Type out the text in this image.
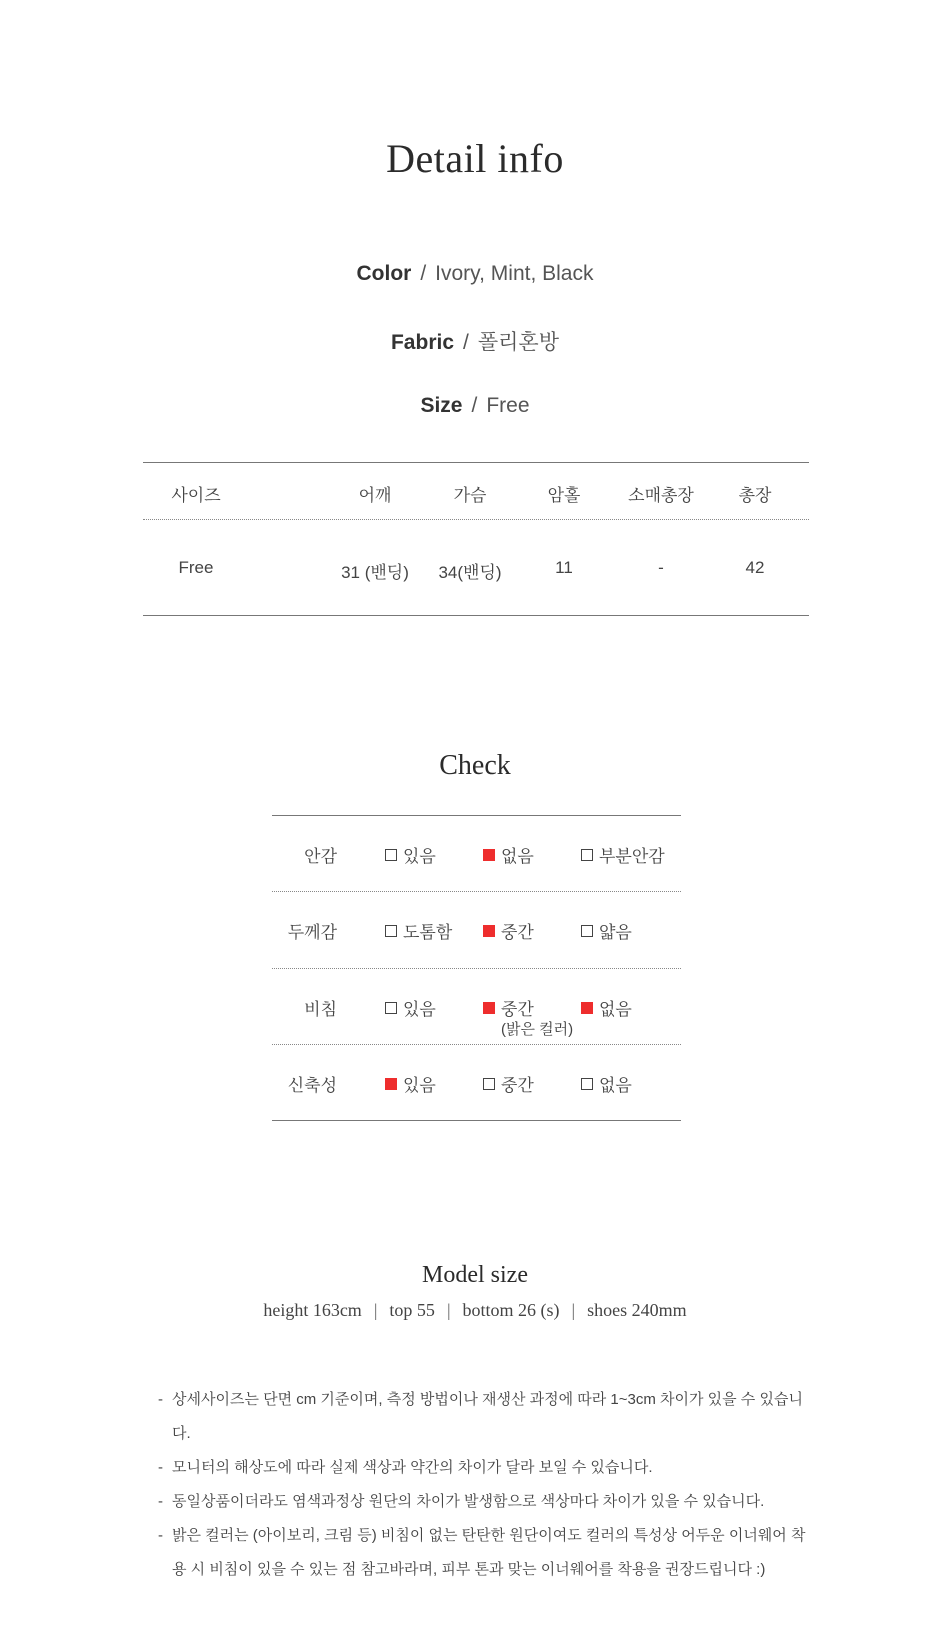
Detail info
Color / Ivory, Mint, Black
Fabric / 폴리혼방
Size / Free
사이즈	어깨	가슴	암홀	소매총장	총장
Free	31 (밴딩)	34(밴딩)	11	-	42
Check
안감	있음	없음	부분안감
두께감	도톰함	중간	얇음
비침	있음	중간	없음
(밝은 컬러)
신축성	있음	중간	없음
Model size
height 163cm | top 55 | bottom 26 (s) | shoes 240mm
- 상세사이즈는 단면 cm 기준이며, 측정 방법이나 재생산 과정에 따라 1~3cm 차이가 있을 수 있습니다.
- 모니터의 해상도에 따라 실제 색상과 약간의 차이가 달라 보일 수 있습니다.
- 동일상품이더라도 염색과정상 원단의 차이가 발생함으로 색상마다 차이가 있을 수 있습니다.
- 밝은 컬러는 (아이보리, 크림 등) 비침이 없는 탄탄한 원단이여도 컬러의 특성상 어두운 이너웨어 착용 시 비침이 있을 수 있는 점 참고바라며, 피부 톤과 맞는 이너웨어를 착용을 권장드립니다 :)
